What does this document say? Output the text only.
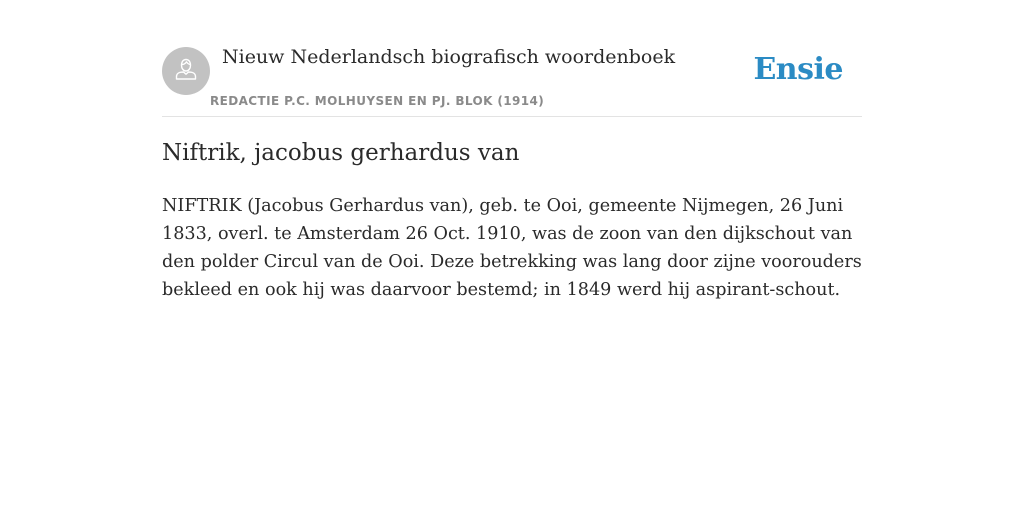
Nieuw Nederlandsch biografisch woordenboek
REDACTIE P.C. MOLHUYSEN EN PJ. BLOK (1914)
Ensie
Niftrik, jacobus gerhardus van

NIFTRIK (Jacobus Gerhardus van), geb. te Ooi, gemeente Nijmegen, 26 Juni 1833, overl. te Amsterdam 26 Oct. 1910, was de zoon van den dijkschout van den polder Circul van de Ooi. Deze betrekking was lang door zijne voorouders bekleed en ook hij was daarvoor bestemd; in 1849 werd hij aspirant-schout.
